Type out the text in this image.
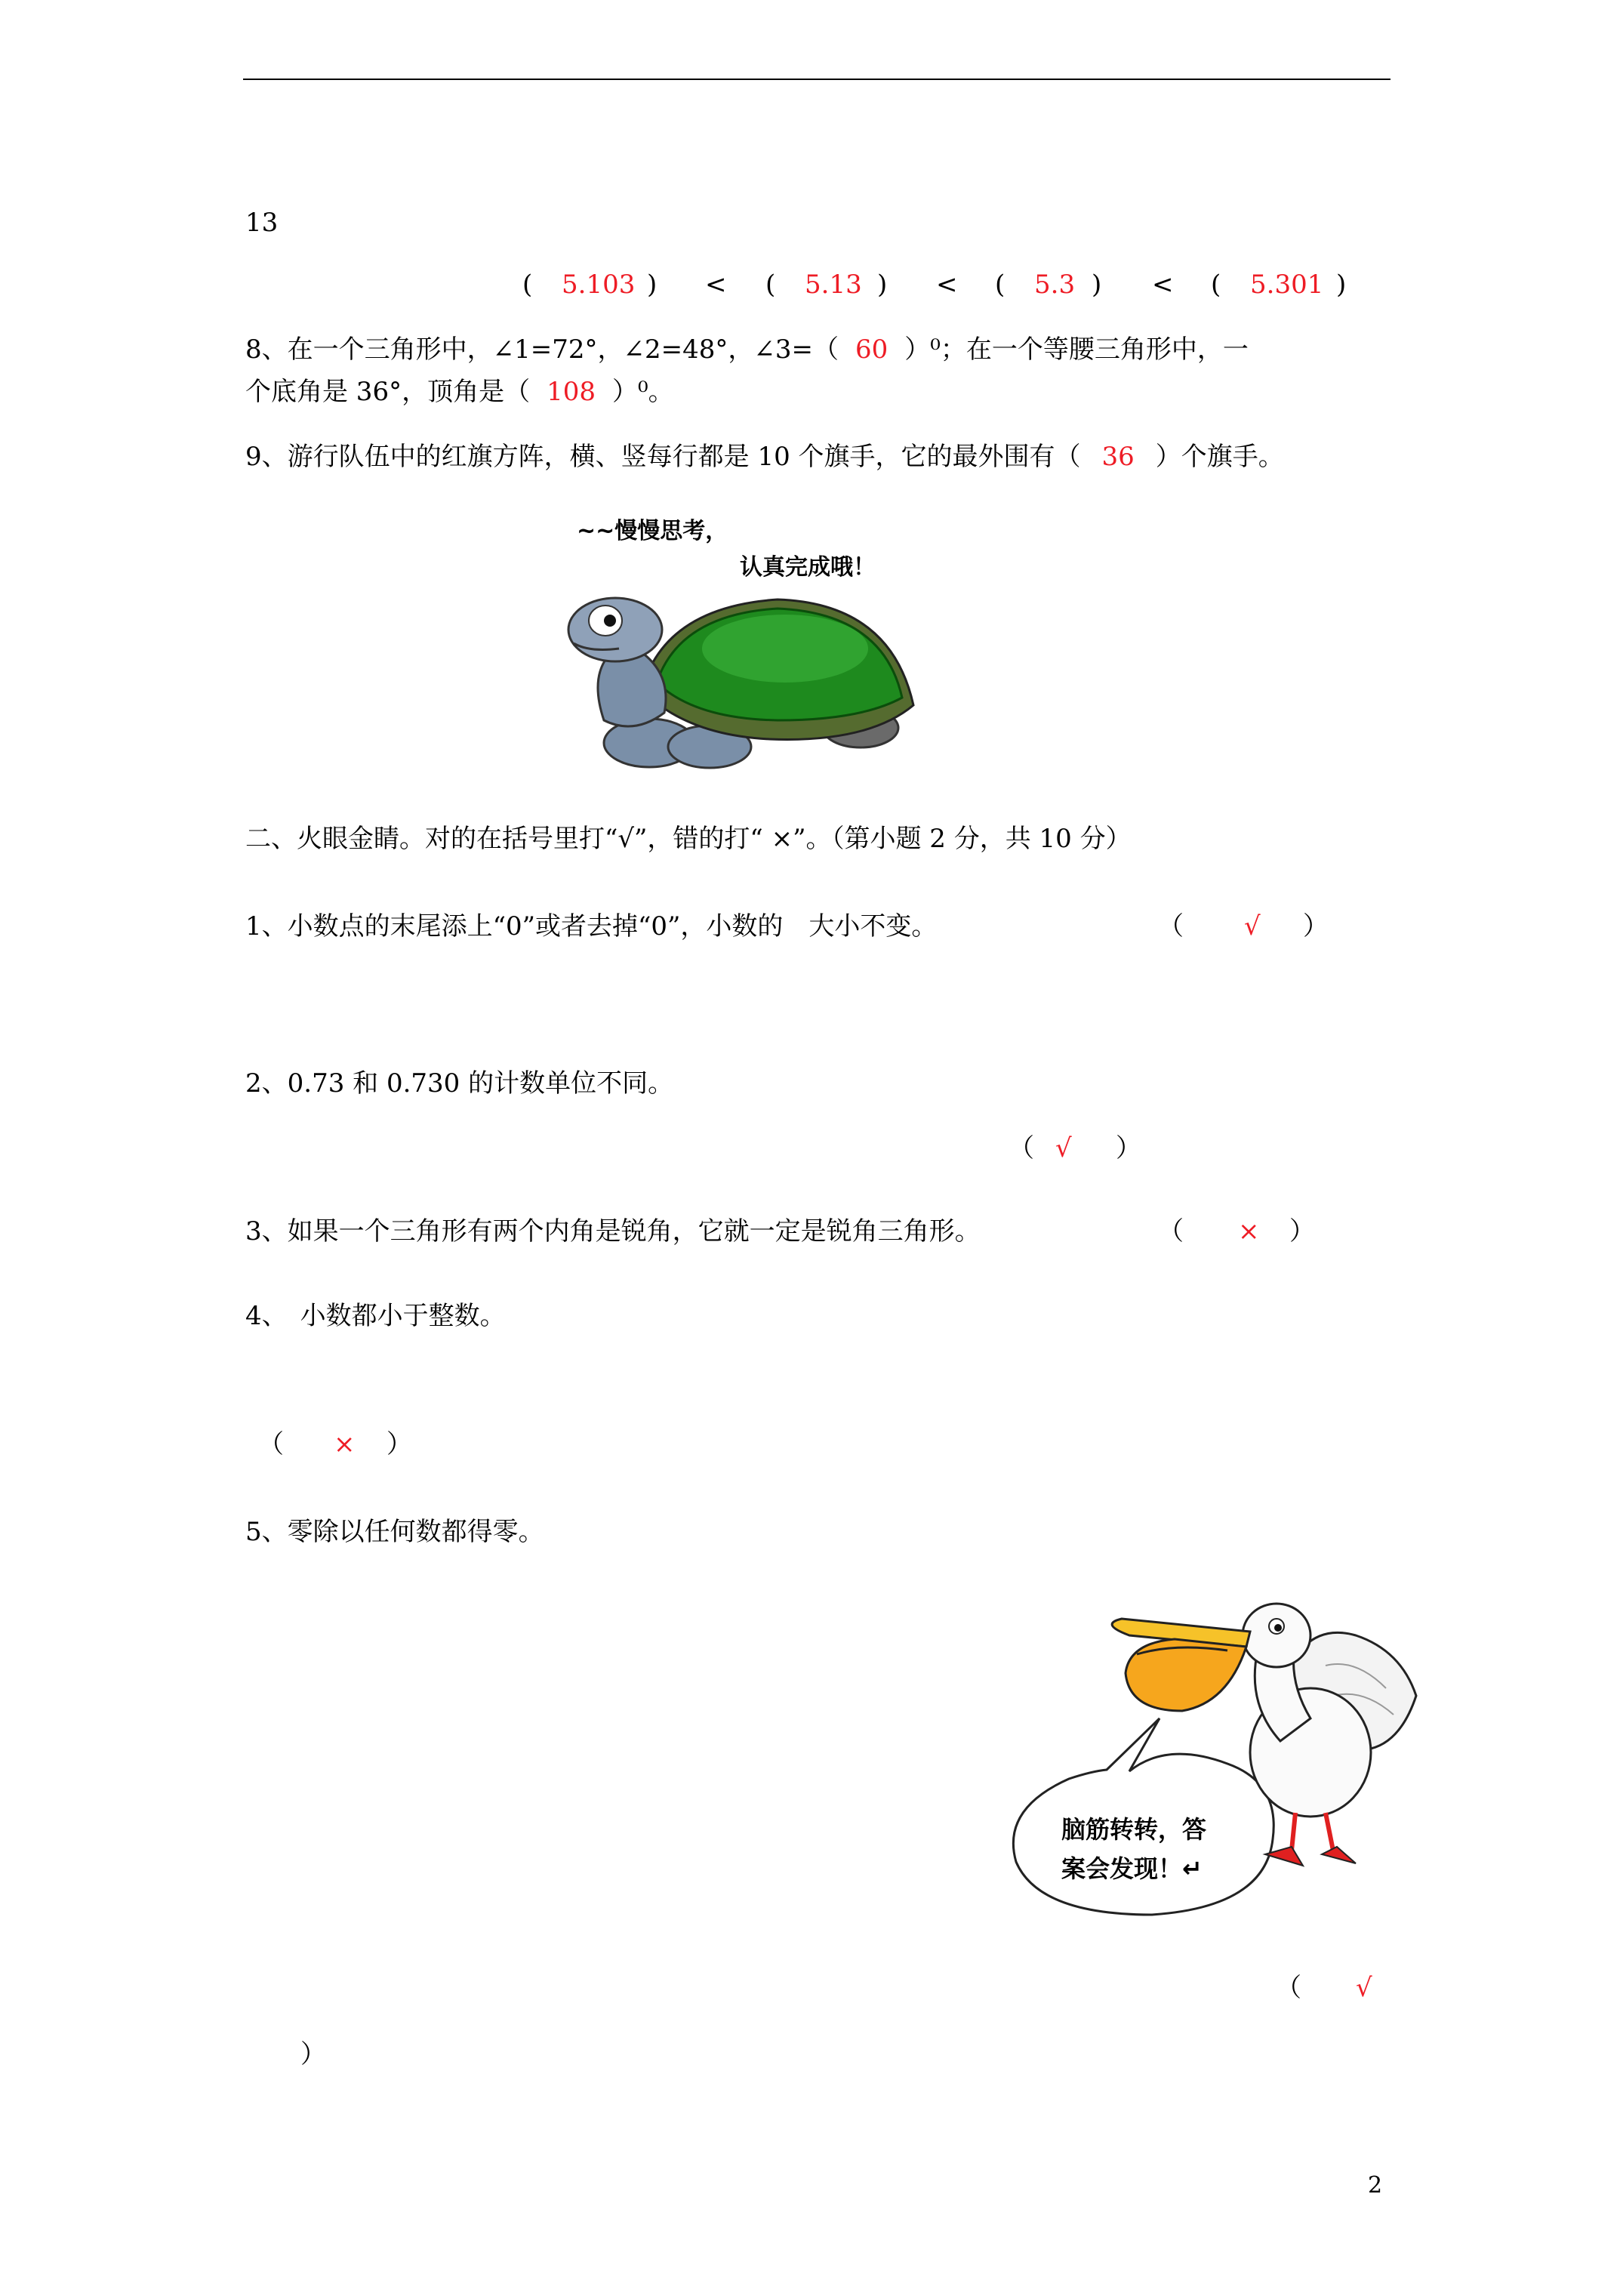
13
( 5.103 ) < ( 5.13 ) < ( 5.3 ) < ( 5.301 )
8、在一个三角形中，∠1=72°，∠2=48°，∠3=（ 60 ）⁰；在一个等腰三角形中，一
个底角是 36°，顶角是（ 108 ）⁰。
9、游行队伍中的红旗方阵，横、竖每行都是 10 个旗手，它的最外围有（ 36 ）个旗手。
~~慢慢思考，
认真完成哦！
二、火眼金睛。对的在括号里打“√”，错的打“ ×”。（第小题 2 分，共 10 分）
1、小数点的末尾添上“0”或者去掉“0”，小数的　大小不变。	（ √ ）
2、0.73 和 0.730 的计数单位不同。
（ √ ）
3、如果一个三角形有两个内角是锐角，它就一定是锐角三角形。	（ × ）
4、　小数都小于整数。
（ × ）
5、零除以任何数都得零。
（ √
）
脑筋转转，答
案会发现！↵
2
